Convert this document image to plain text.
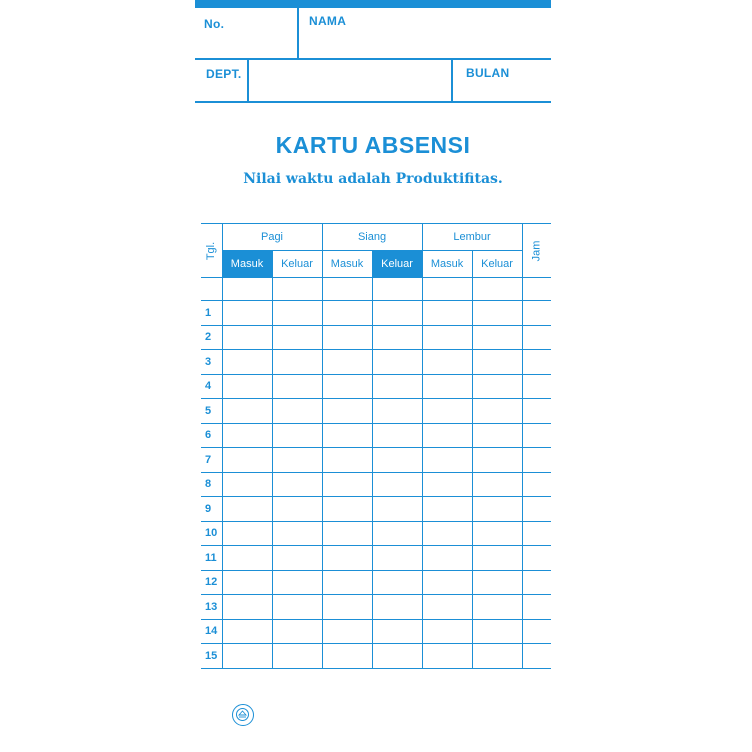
No.	NAMA
DEPT.	BULAN
KARTU ABSENSI
Nilai waktu adalah Produktifitas.
Tgl.	Pagi		Siang		Lembur		Jam
	Masuk	Keluar	Masuk	Keluar	Masuk	Keluar	

1							
2							
3							
4							
5							
6							
7							
8							
9							
10							
11							
12							
13							
14							
15							
